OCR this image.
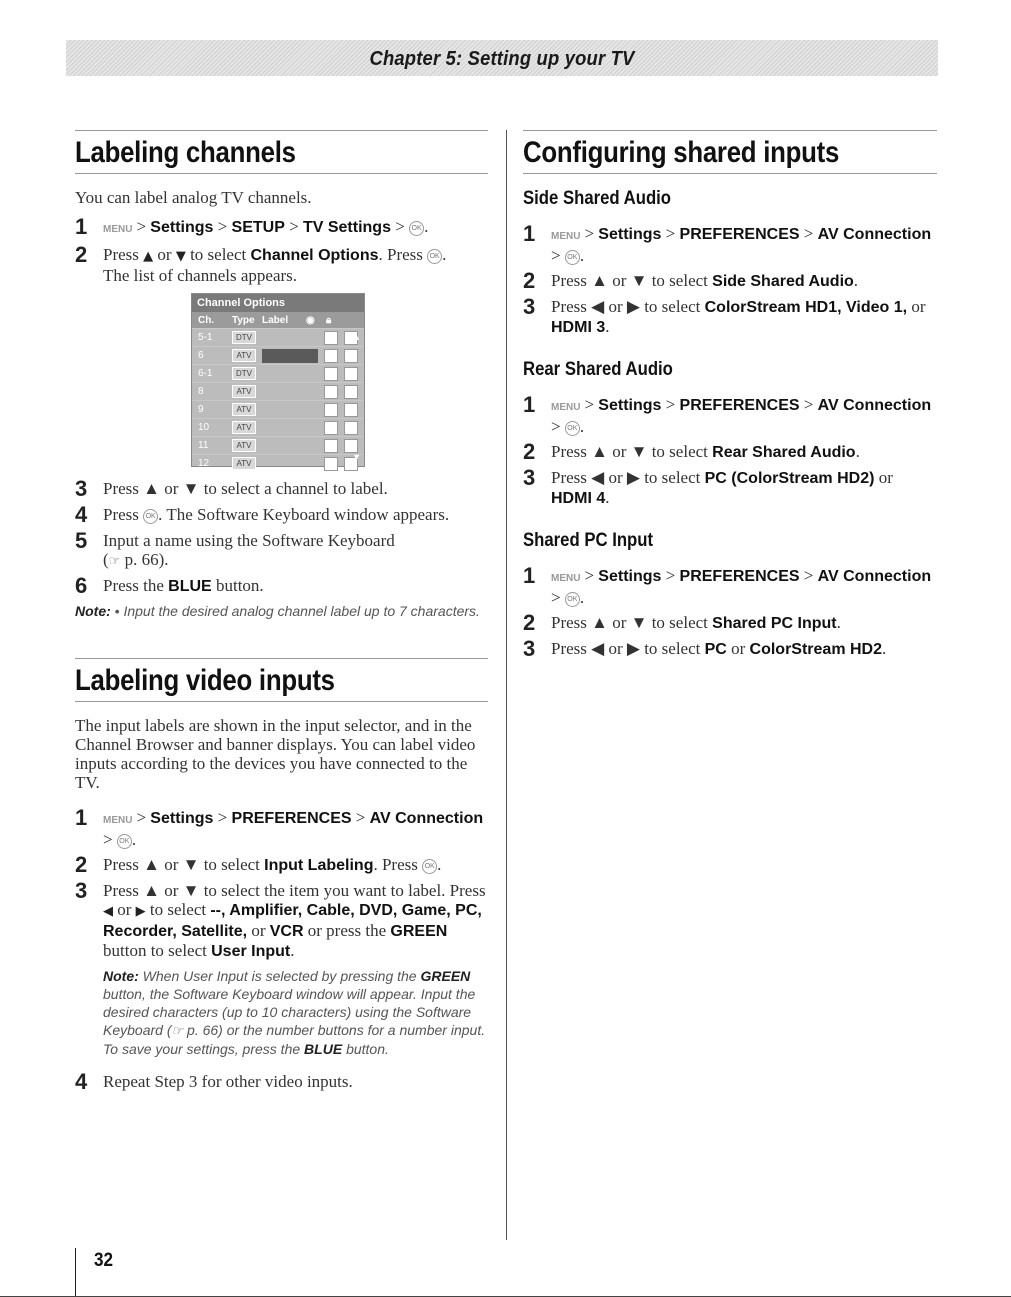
Chapter 5: Setting up your TV
Labeling channels

You can label analog TV channels.

1	MENU > Settings > SETUP > TV Settings > OK .
2 Press ▲ or ▼ to select Channel Options. Press OK .
The list of channels appears.
Channel Options
Ch.	Type Label	◉	🔒︎
5-1	DTV
6	ATV
6-1	DTV
8	ATV
9	ATV
10	ATV
11	ATV
12	ATV
▲
▼
3 Press ▲ or ▼ to select a channel to label.
4 Press OK . The Software Keyboard window appears.
5 Input a name using the Software Keyboard
(☞ p. 66).
6 Press the BLUE button.
Note: • Input the desired analog channel label up to 7 characters.
Labeling video inputs

The input labels are shown in the input selector, and in the Channel Browser and banner displays. You can label video inputs according to the devices you have connected to the TV.

1	MENU > Settings > PREFERENCES > AV Connection > OK .
2 Press ▲ or ▼ to select Input Labeling. Press OK .
3 Press ▲ or ▼ to select the item you want to label. Press ◀ or ▶ to select --, Amplifier, Cable, DVD, Game, PC, Recorder, Satellite, or VCR or press the GREEN button to select User Input.
Note: When User Input is selected by pressing the GREEN button, the Software Keyboard window will appear. Input the desired characters (up to 10 characters) using the Software Keyboard (☞ p. 66) or the number buttons for a number input. To save your settings, press the BLUE button.
4 Repeat Step 3 for other video inputs.
Configuring shared inputs
Side Shared Audio
1	MENU > Settings > PREFERENCES > AV Connection > OK .
2 Press ▲ or ▼ to select Side Shared Audio.
3 Press ◀ or ▶ to select ColorStream HD1, Video 1, or HDMI 3.
Rear Shared Audio
1	MENU > Settings > PREFERENCES > AV Connection > OK .
2 Press ▲ or ▼ to select Rear Shared Audio.
3 Press ◀ or ▶ to select PC (ColorStream HD2) or HDMI 4.
Shared PC Input
1	MENU > Settings > PREFERENCES > AV Connection > OK .
2 Press ▲ or ▼ to select Shared PC Input.
3 Press ◀ or ▶ to select PC or ColorStream HD2.
32
